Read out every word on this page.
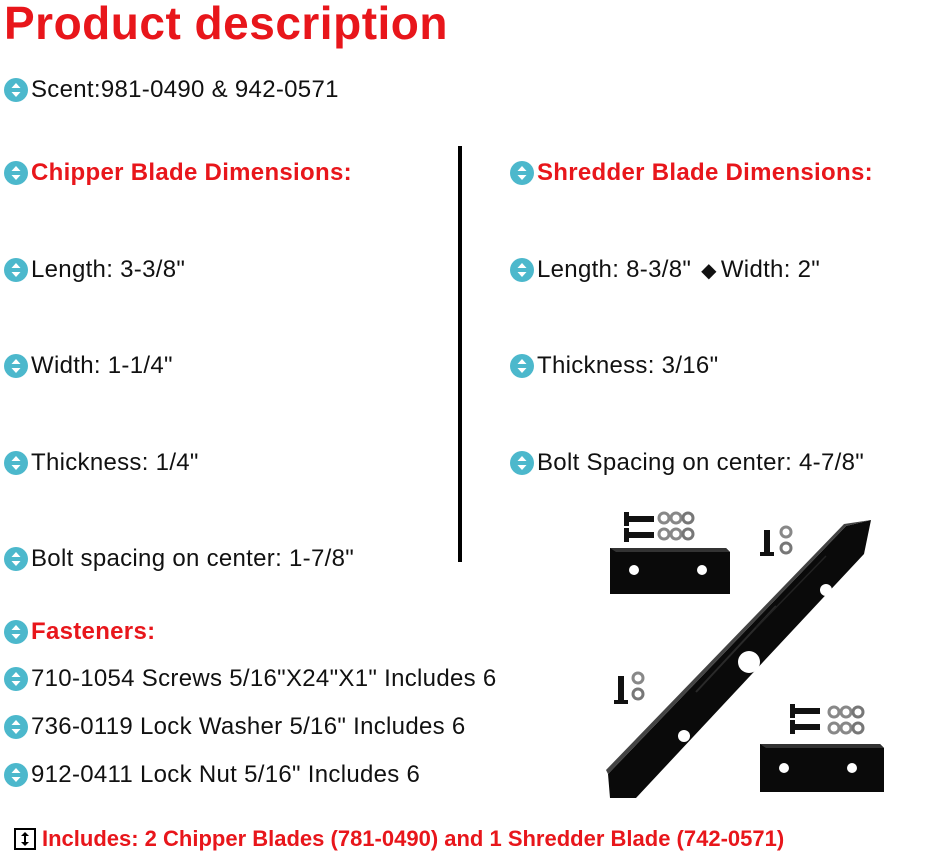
Product description
Scent:981-0490 & 942-0571
Chipper Blade Dimensions:
Length: 3-3/8"
Width: 1-1/4"
Thickness: 1/4"
Bolt spacing on center: 1-7/8"
Shredder Blade Dimensions:
Length: 8-3/8" ◆ Width: 2"
Thickness: 3/16"
Bolt Spacing on center: 4-7/8"
Fasteners:
710-1054 Screws 5/16"X24"X1" Includes 6
736-0119 Lock Washer 5/16" Includes 6
912-0411 Lock Nut 5/16" Includes 6
Includes: 2 Chipper Blades (781-0490) and 1 Shredder Blade (742-0571)
